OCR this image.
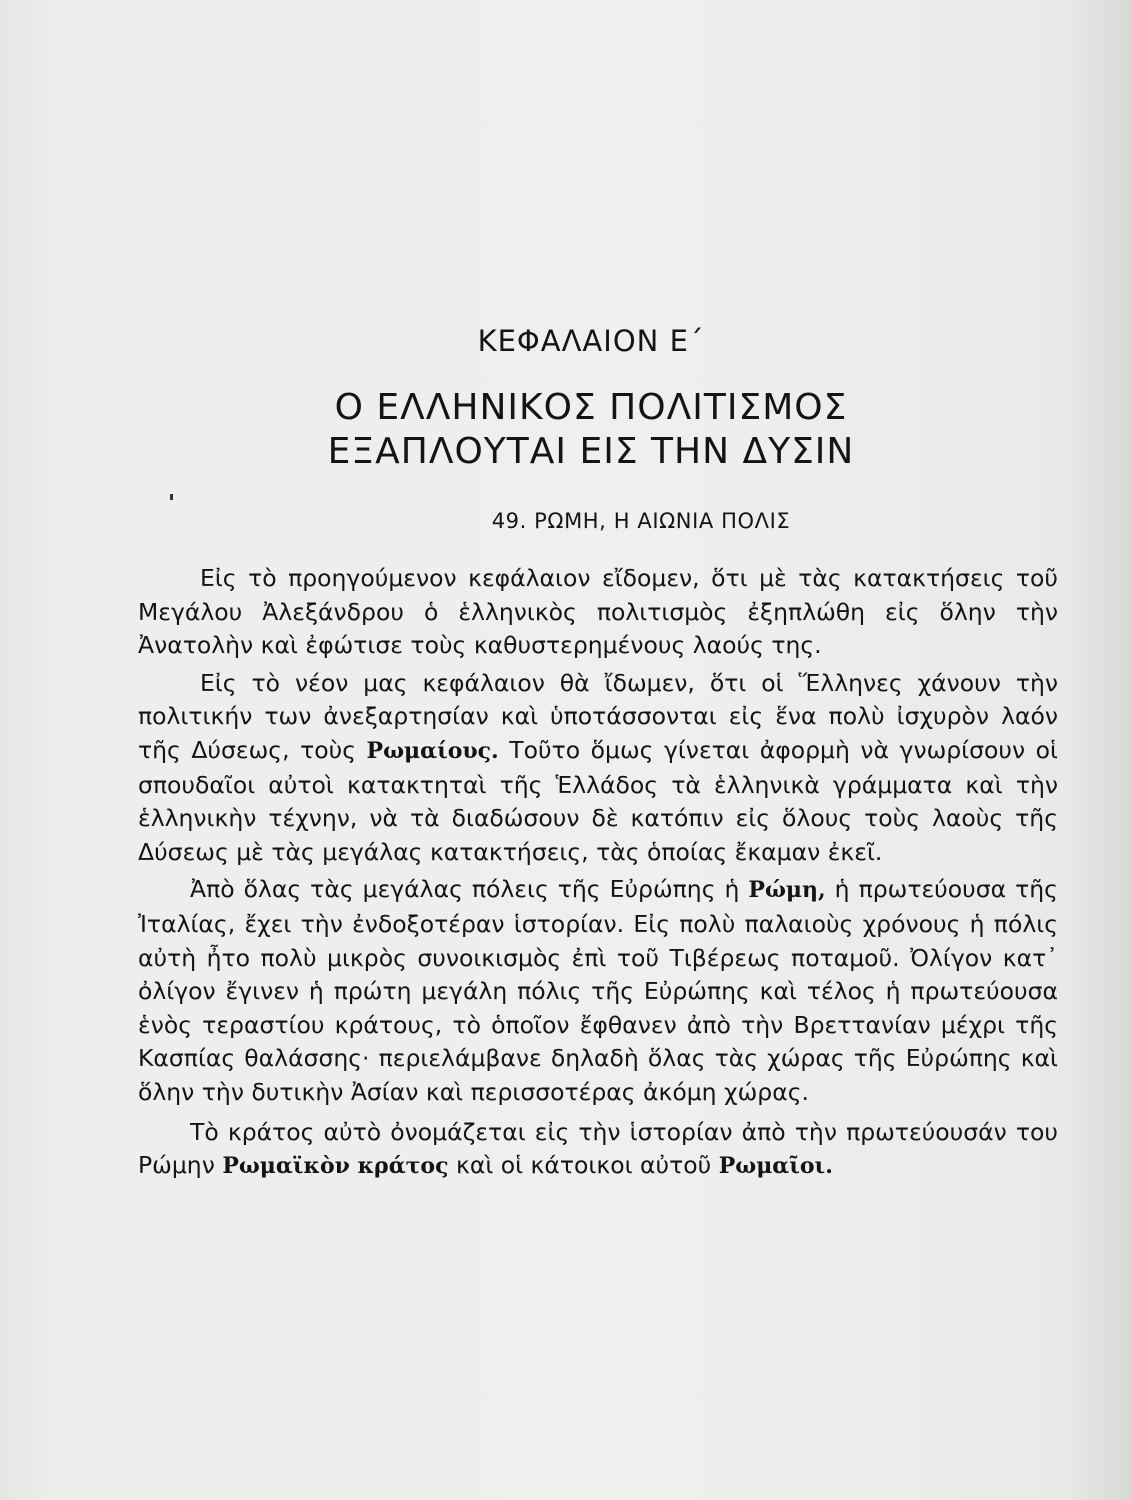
ΚΕΦΑΛΑΙΟΝ Ε΄
Ο ΕΛΛΗΝΙΚΟΣ ΠΟΛΙΤΙΣΜΟΣ
ΕΞΑΠΛΟΥΤΑΙ ΕΙΣ ΤΗΝ ΔΥΣΙΝ
49. ΡΩΜΗ, Η ΑΙΩΝΙΑ ΠΟΛΙΣ

Εἰς τὸ προηγούμενον κεφάλαιον εἴδομεν, ὅτι μὲ τὰς κατακτήσεις τοῦ Μεγάλου Ἀλεξάνδρου ὁ ἑλληνικὸς πολιτισμὸς ἐξηπλώθη εἰς ὅλην τὴν Ἀνατολὴν καὶ ἐφώτισε τοὺς καθυστερημένους λαούς της.

Εἰς τὸ νέον μας κεφάλαιον θὰ ἴδωμεν, ὅτι οἱ Ἕλληνες χάνουν τὴν πολιτικήν των ἀνεξαρτησίαν καὶ ὑποτάσσονται εἰς ἕνα πολὺ ἰσχυρὸν λαόν τῆς Δύσεως, τοὺς Ρωμαίους. Τοῦτο ὅμως γίνεται ἀφορμὴ νὰ γνωρίσουν οἱ σπουδαῖοι αὐτοὶ κατακτηταὶ τῆς Ἑλλάδος τὰ ἑλληνικὰ γράμματα καὶ τὴν ἑλληνικὴν τέχνην, νὰ τὰ διαδώσουν δὲ κατόπιν εἰς ὅλους τοὺς λαοὺς τῆς Δύσεως μὲ τὰς μεγάλας κατακτήσεις, τὰς ὁποίας ἔκαμαν ἐκεῖ.

Ἀπὸ ὅλας τὰς μεγάλας πόλεις τῆς Εὐρώπης ἡ Ρώμη, ἡ πρωτεύουσα τῆς Ἰταλίας, ἔχει τὴν ἐνδοξοτέραν ἱστορίαν. Εἰς πολὺ παλαιοὺς χρόνους ἡ πόλις αὐτὴ ἦτο πολὺ μικρὸς συνοικισμὸς ἐπὶ τοῦ Τιβέρεως ποταμοῦ. Ὀλίγον κατ᾽ ὀλίγον ἔγινεν ἡ πρώτη μεγάλη πόλις τῆς Εὐρώπης καὶ τέλος ἡ πρωτεύουσα ἑνὸς τεραστίου κράτους, τὸ ὁποῖον ἔφθανεν ἀπὸ τὴν Βρεττανίαν μέχρι τῆς Κασπίας θαλάσσης· περιελάμβανε δηλαδὴ ὅλας τὰς χώρας τῆς Εὐρώπης καὶ ὅλην τὴν δυτικὴν Ἀσίαν καὶ περισσοτέρας ἀκόμη χώρας.

Τὸ κράτος αὐτὸ ὀνομάζεται εἰς τὴν ἱστορίαν ἀπὸ τὴν πρωτεύουσάν του Ρώμην Ρωμαϊκὸν κράτος καὶ οἱ κάτοικοι αὐτοῦ Ρωμαῖοι.
